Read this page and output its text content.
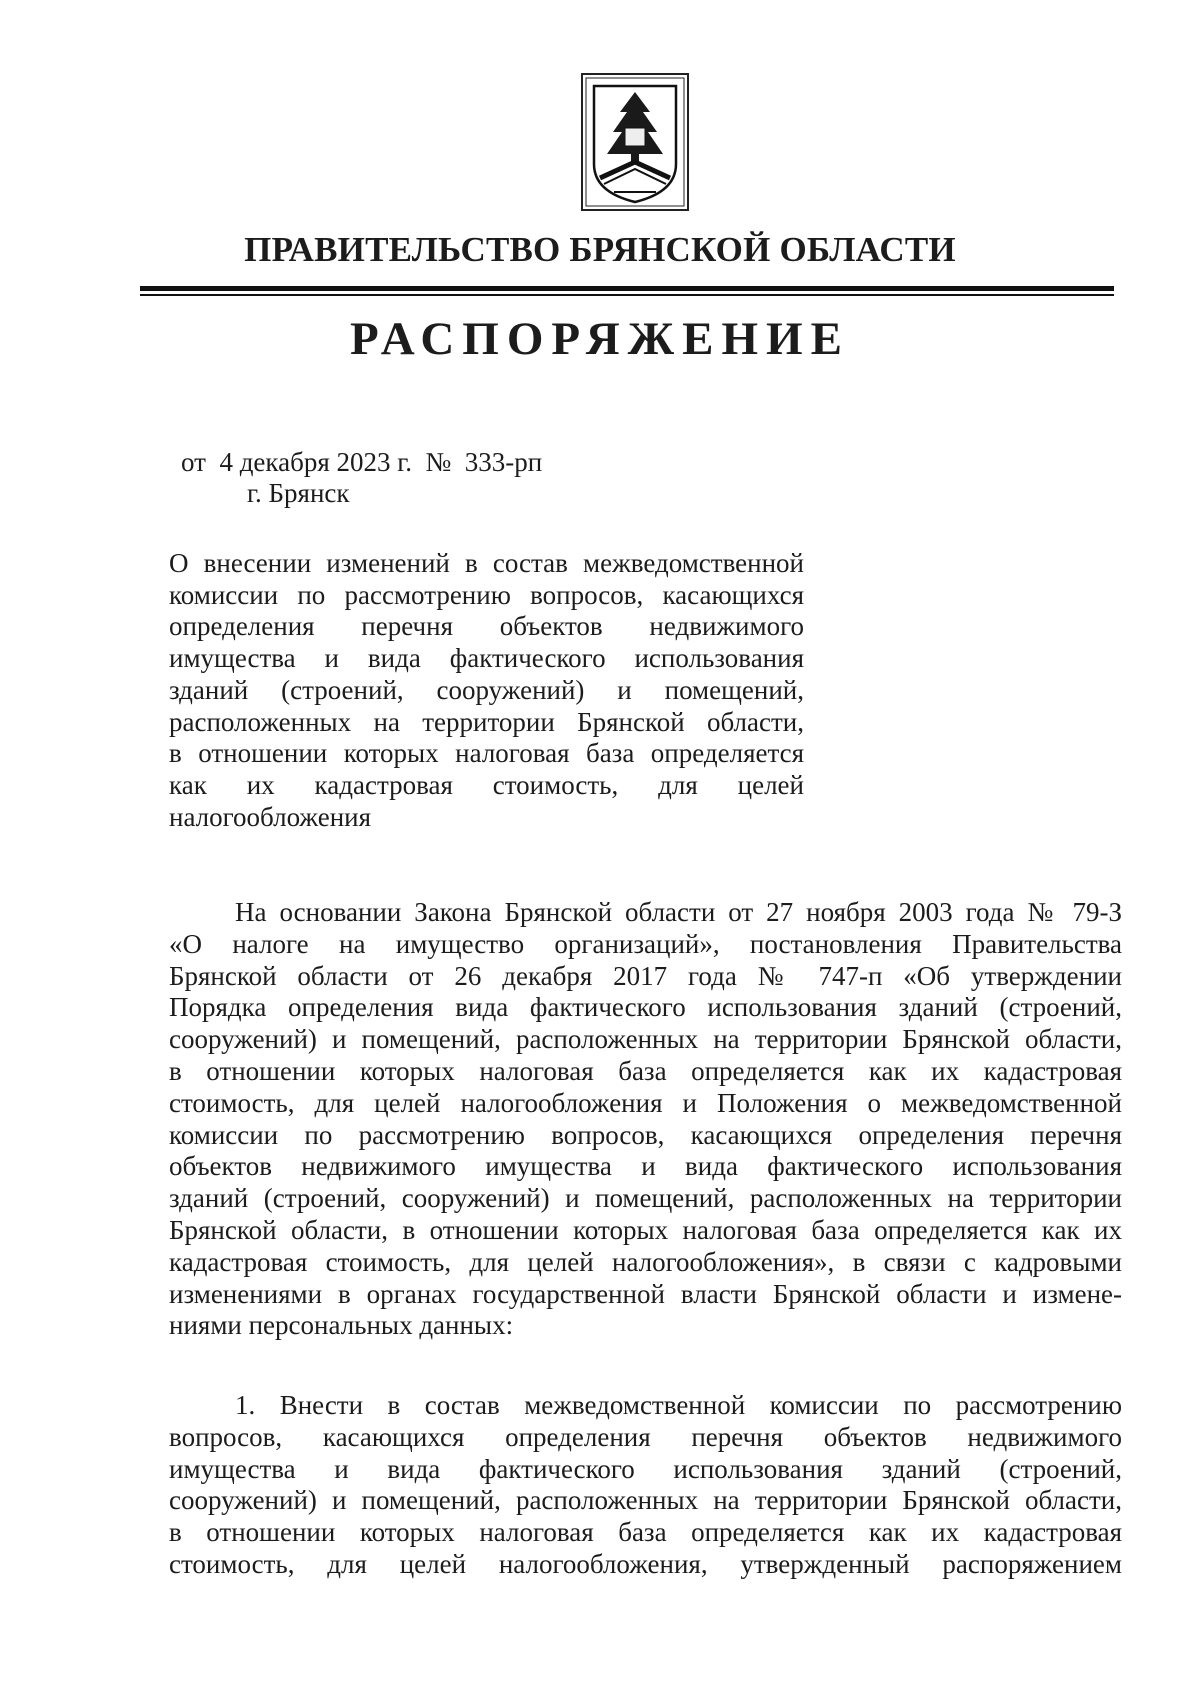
ПРАВИТЕЛЬСТВО БРЯНСКОЙ ОБЛАСТИ
РАСПОРЯЖЕНИЕ
от  4 декабря 2023 г.  №  333-рп
г. Брянск

О внесении изменений в состав межведомственной

комиссии по рассмотрению вопросов, касающихся

определения перечня объектов недвижимого

имущества и вида фактического использования

зданий (строений, сооружений) и помещений,

расположенных на территории Брянской области,

в отношении которых налоговая база определяется

как их кадастровая стоимость, для целей

налогообложения

На основании Закона Брянской области от 27 ноября 2003 года № 79-З

«О налоге на имущество организаций», постановления Правительства

Брянской области от 26 декабря 2017 года № 747-п «Об утверждении

Порядка определения вида фактического использования зданий (строений,

сооружений) и помещений, расположенных на территории Брянской области,

в отношении которых налоговая база определяется как их кадастровая

стоимость, для целей налогообложения и Положения о межведомственной

комиссии по рассмотрению вопросов, касающихся определения перечня

объектов недвижимого имущества и вида фактического использования

зданий (строений, сооружений) и помещений, расположенных на территории

Брянской области, в отношении которых налоговая база определяется как их

кадастровая стоимость, для целей налогообложения», в связи с кадровыми

изменениями в органах государственной власти Брянской области и измене-

ниями персональных данных:

1. Внести в состав межведомственной комиссии по рассмотрению

вопросов, касающихся определения перечня объектов недвижимого

имущества и вида фактического использования зданий (строений,

сооружений) и помещений, расположенных на территории Брянской области,

в отношении которых налоговая база определяется как их кадастровая

стоимость, для целей налогообложения, утвержденный распоряжением
